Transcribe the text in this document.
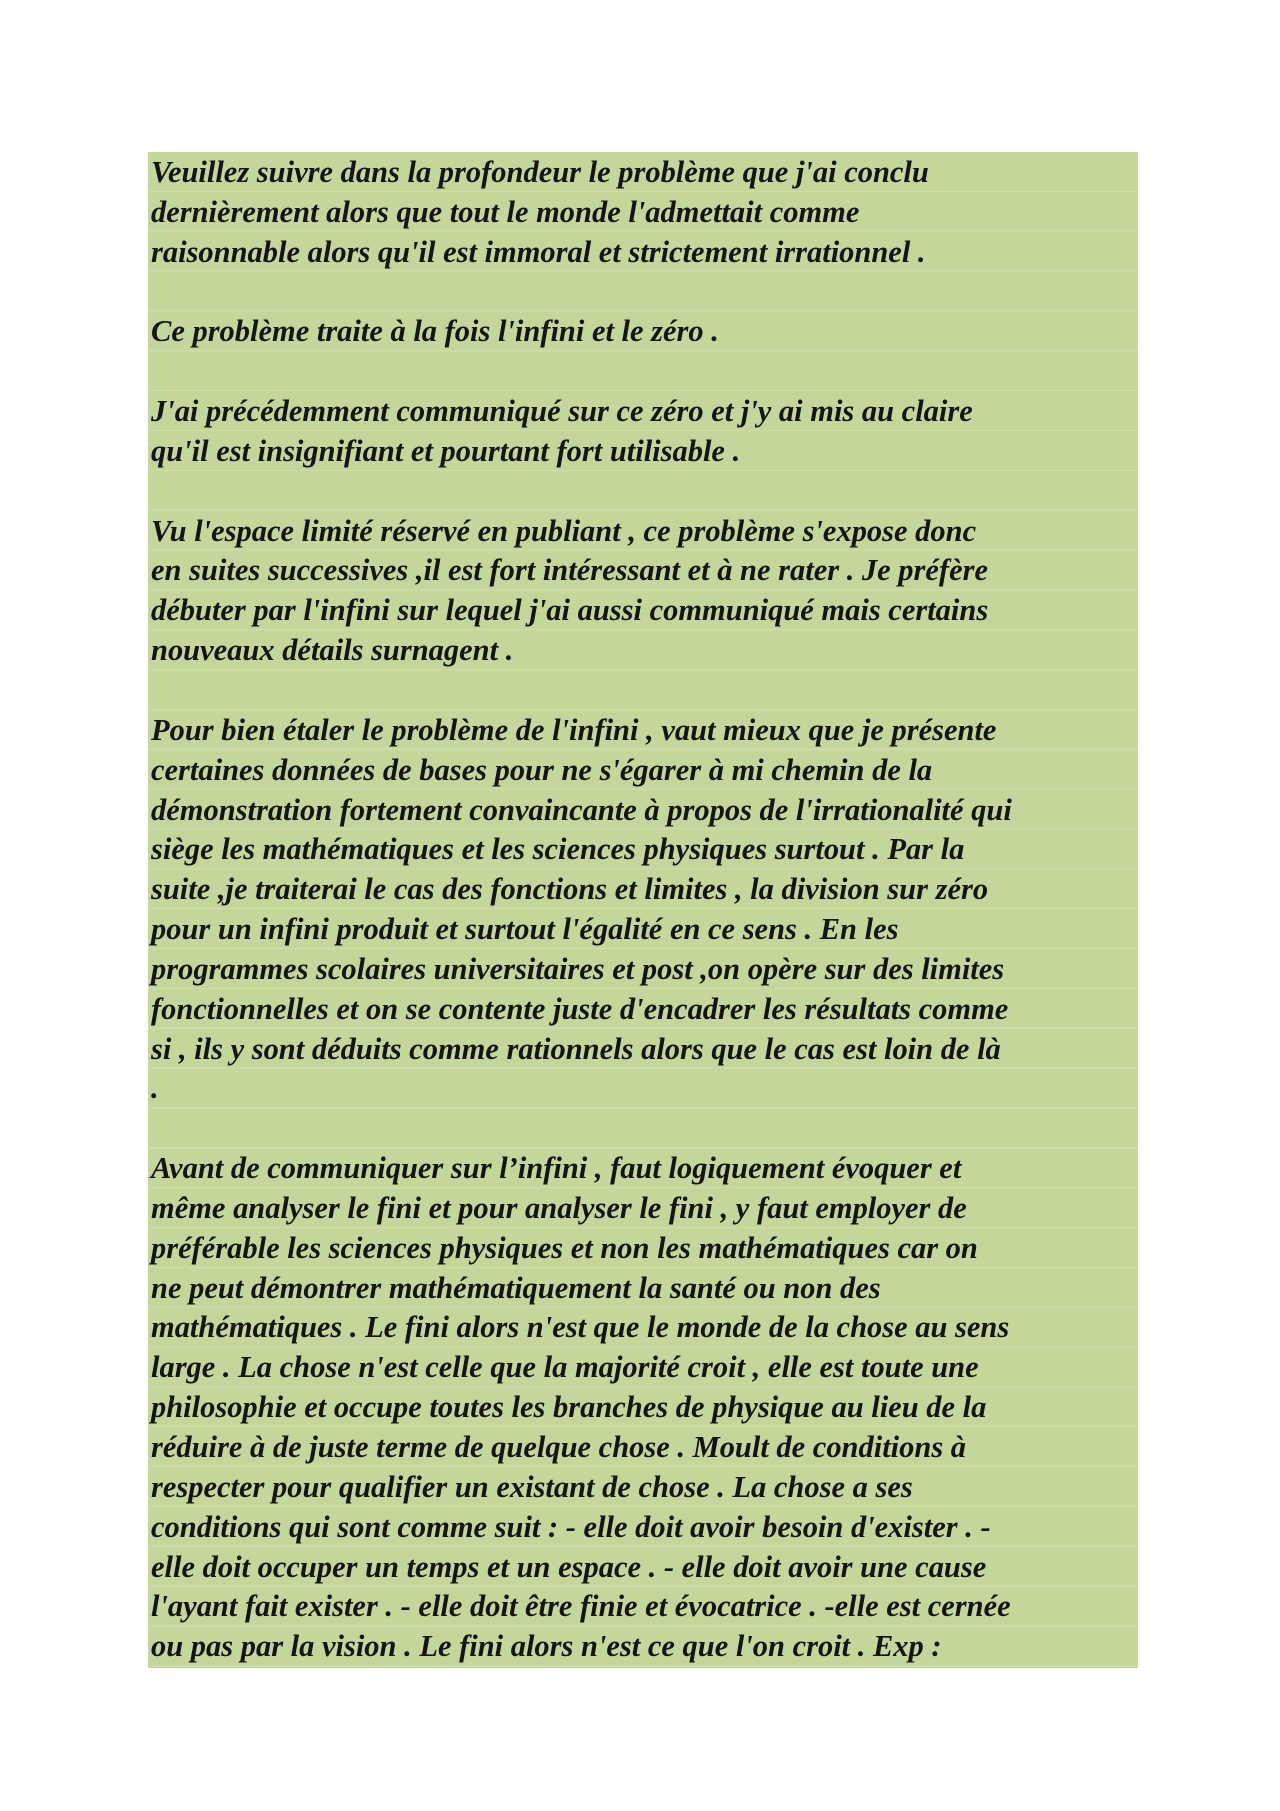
Veuillez suivre dans la profondeur le problème que j'ai conclu
dernièrement alors que tout le monde l'admettait comme
raisonnable alors qu'il est immoral et strictement irrationnel .
Ce problème traite à la fois l'infini et le zéro .
J'ai précédemment communiqué sur ce zéro et j'y ai mis au claire
qu'il est insignifiant et pourtant fort utilisable .
Vu l'espace limité réservé en publiant , ce problème s'expose donc
en suites successives ,il est fort intéressant et à ne rater . Je préfère
débuter par l'infini sur lequel j'ai aussi communiqué mais certains
nouveaux détails surnagent .
Pour bien étaler le problème de l'infini , vaut mieux que je présente
certaines données de bases pour ne s'égarer à mi chemin de la
démonstration fortement convaincante à propos de l'irrationalité qui
siège les mathématiques et les sciences physiques surtout . Par la
suite ,je traiterai le cas des fonctions et limites , la division sur zéro
pour un infini produit et surtout l'égalité en ce sens . En les
programmes scolaires universitaires et post ,on opère sur des limites
fonctionnelles et on se contente juste d'encadrer les résultats comme
si , ils y sont déduits comme rationnels alors que le cas est loin de là
.
Avant de communiquer sur l’infini , faut logiquement évoquer et
même analyser le fini et pour analyser le fini , y faut employer de
préférable les sciences physiques et non les mathématiques car on
ne peut démontrer mathématiquement la santé ou non des
mathématiques . Le fini alors n'est que le monde de la chose au sens
large . La chose n'est celle que la majorité croit , elle est toute une
philosophie et occupe toutes les branches de physique au lieu de la
réduire à de juste terme de quelque chose . Moult de conditions à
respecter pour qualifier un existant de chose . La chose a ses
conditions qui sont comme suit : - elle doit avoir besoin d'exister . -
elle doit occuper un temps et un espace . - elle doit avoir une cause
l'ayant fait exister . - elle doit être finie et évocatrice . -elle est cernée
ou pas par la vision . Le fini alors n'est ce que l'on croit . Exp :
